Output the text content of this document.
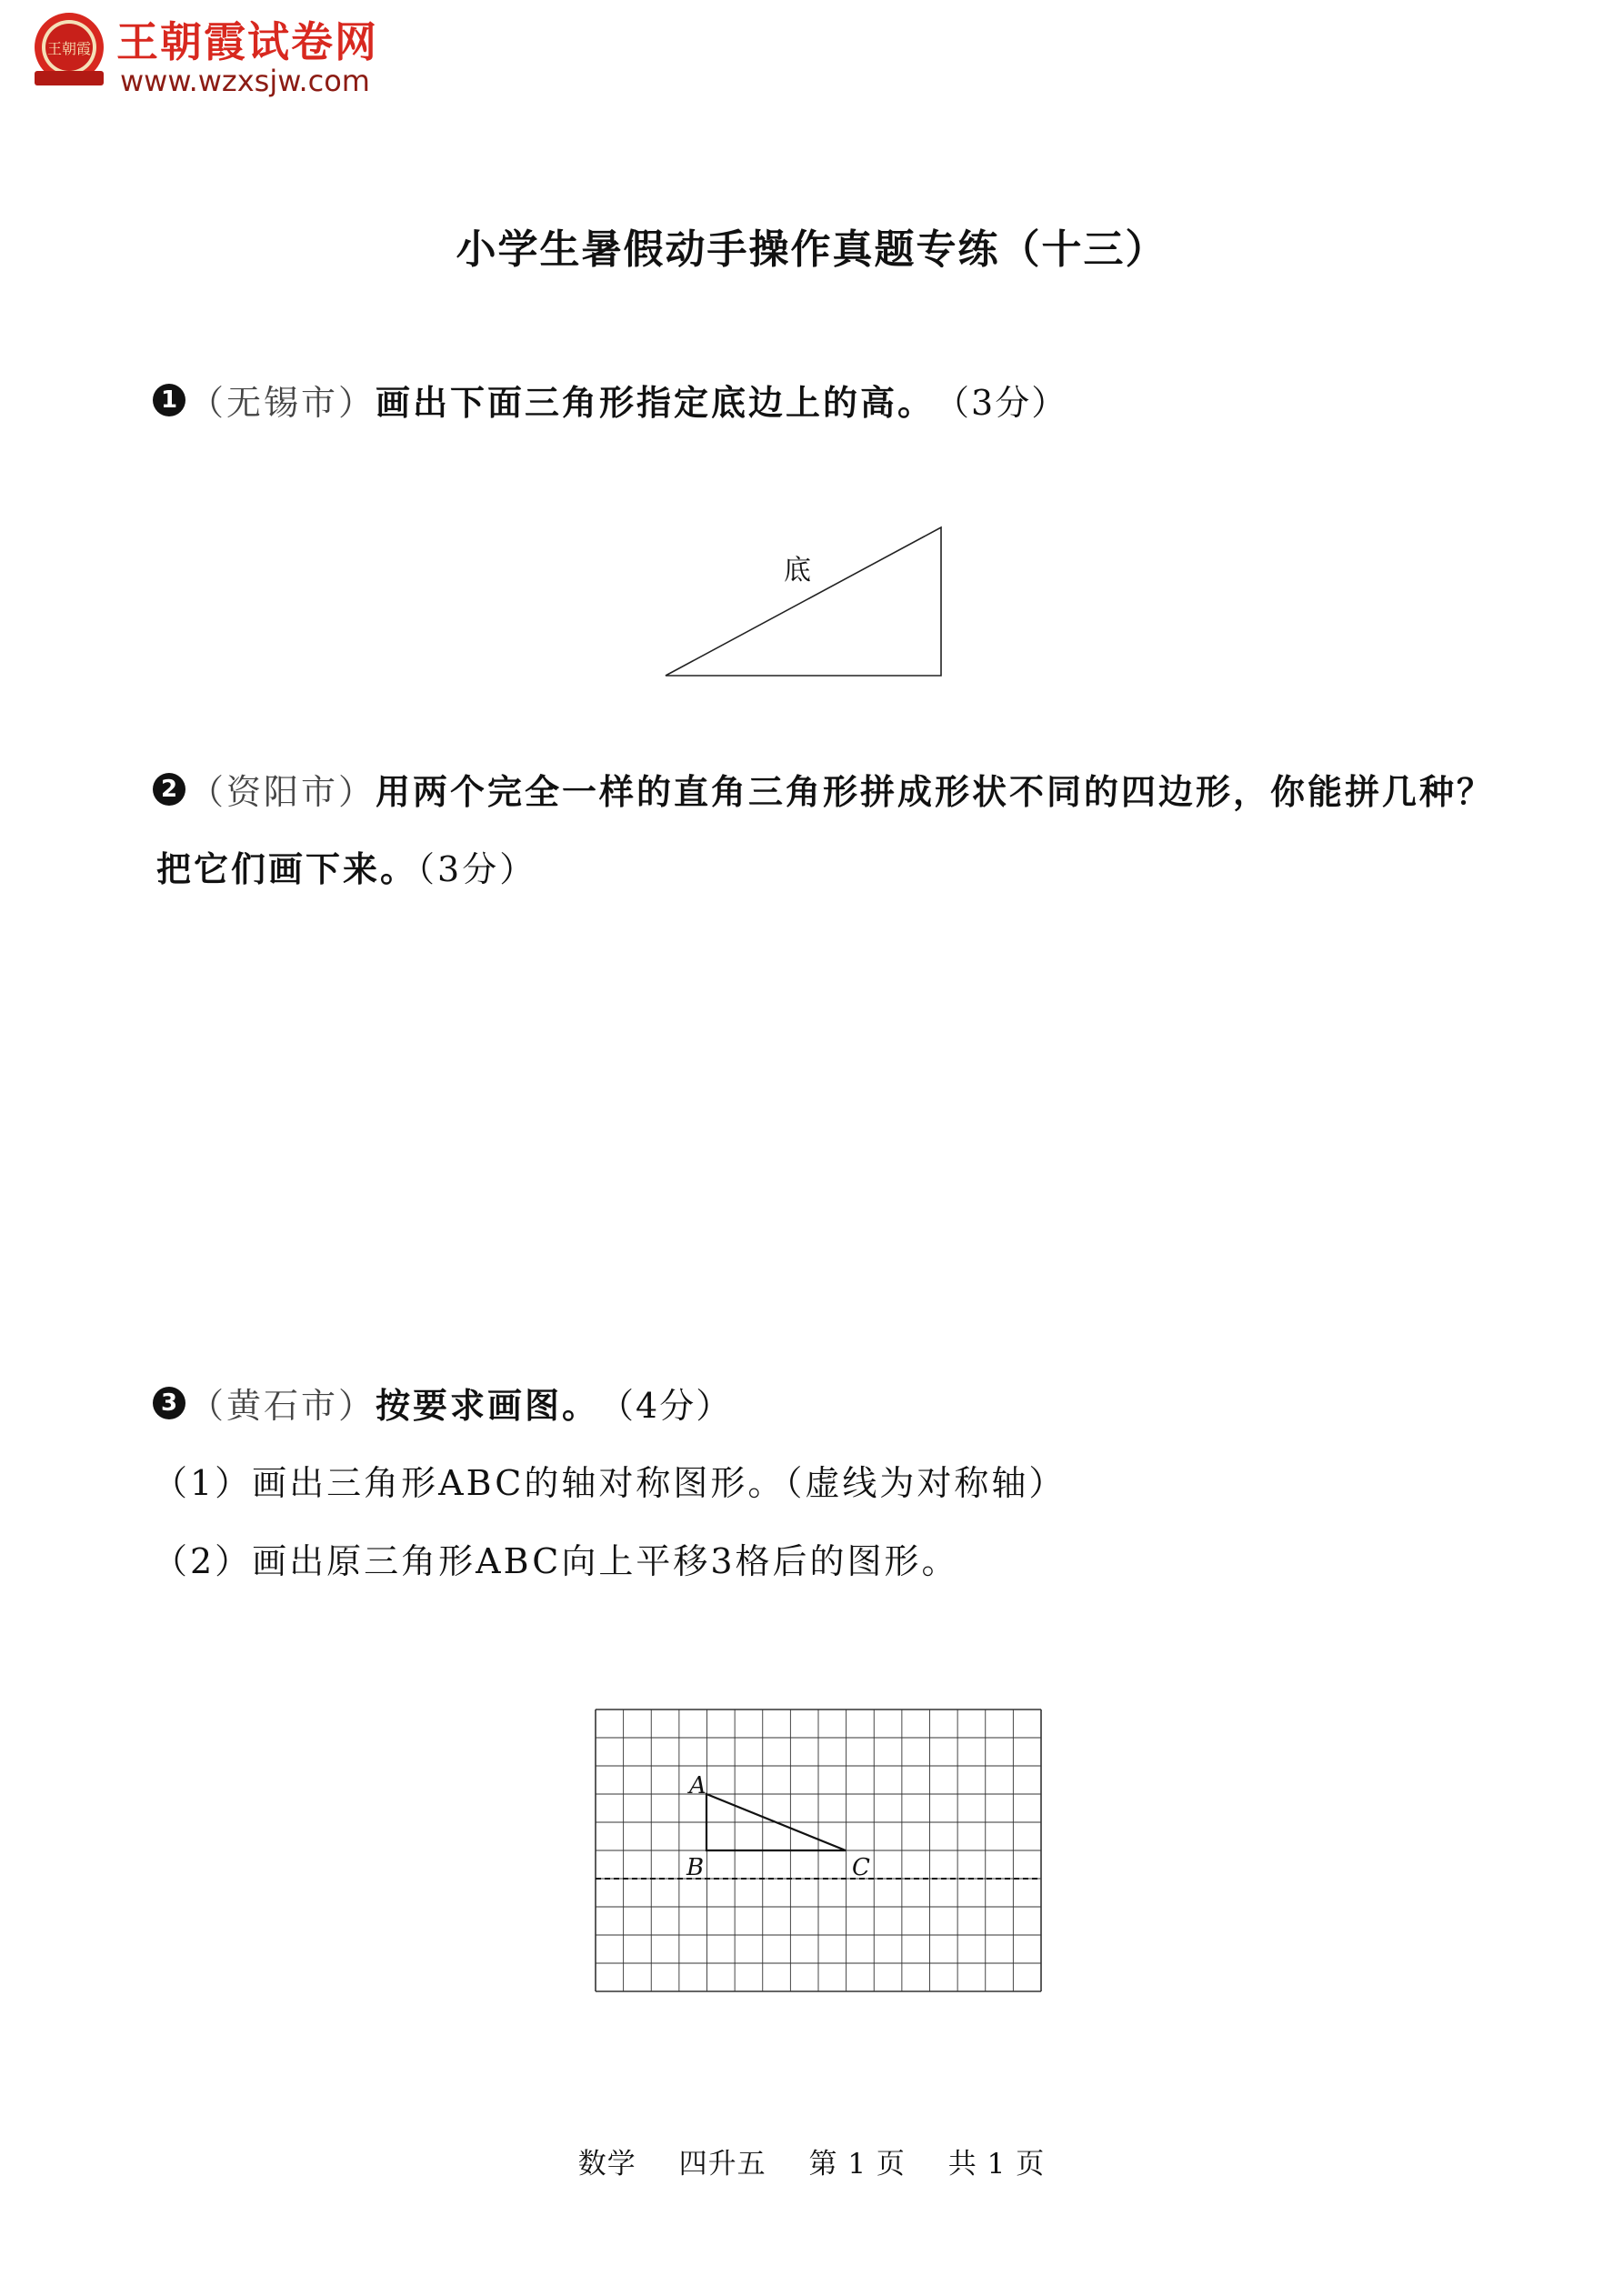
王朝霞 王朝霞试卷网
www.wzxsjw.com
小学生暑假动手操作真题专练（十三）
1 （无锡市） 画出下面三角形指定底边上的高。 （3分）
底
2 （资阳市） 用两个完全一样的直角三角形拼成形状不同的四边形，你能拼几种？
把它们画下来。（3分）
3 （黄石市） 按要求画图。 （4分）
（1）画出三角形ABC的轴对称图形。（虚线为对称轴）
（2）画出原三角形ABC向上平移3格后的图形。
A
B	C
数学 四升五 第 1 页 共 1 页
